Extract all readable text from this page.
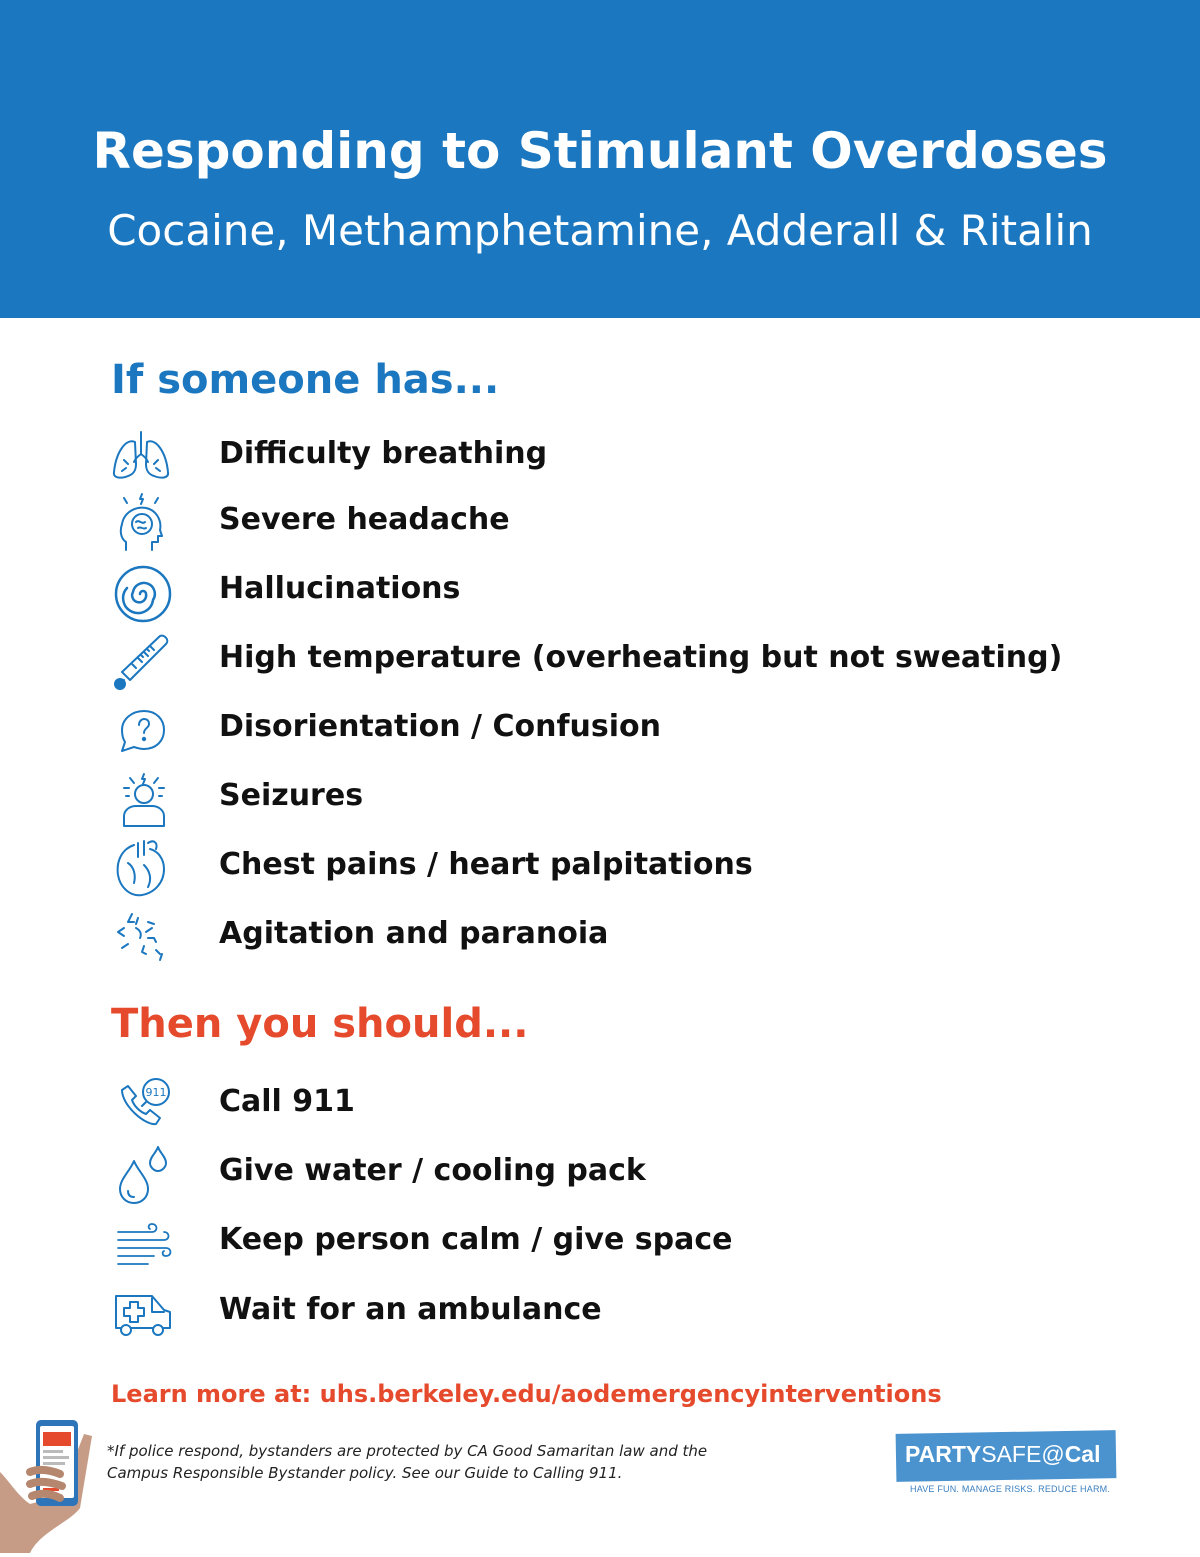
Responding to Stimulant Overdoses
Cocaine, Methamphetamine, Adderall & Ritalin
If someone has...
Difficulty breathing
Severe headache
Hallucinations
High temperature (overheating but not sweating)
Disorientation / Confusion
Seizures
Chest pains / heart palpitations
Agitation and paranoia
Then you should...
911 Call 911
Give water / cooling pack
Keep person calm / give space
Wait for an ambulance
Learn more at: uhs.berkeley.edu/aodemergencyinterventions
*If police respond, bystanders are protected by CA Good Samaritan law and the
Campus Responsible Bystander policy. See our Guide to Calling 911.
PARTYSAFE@Cal
HAVE FUN. MANAGE RISKS. REDUCE HARM.
